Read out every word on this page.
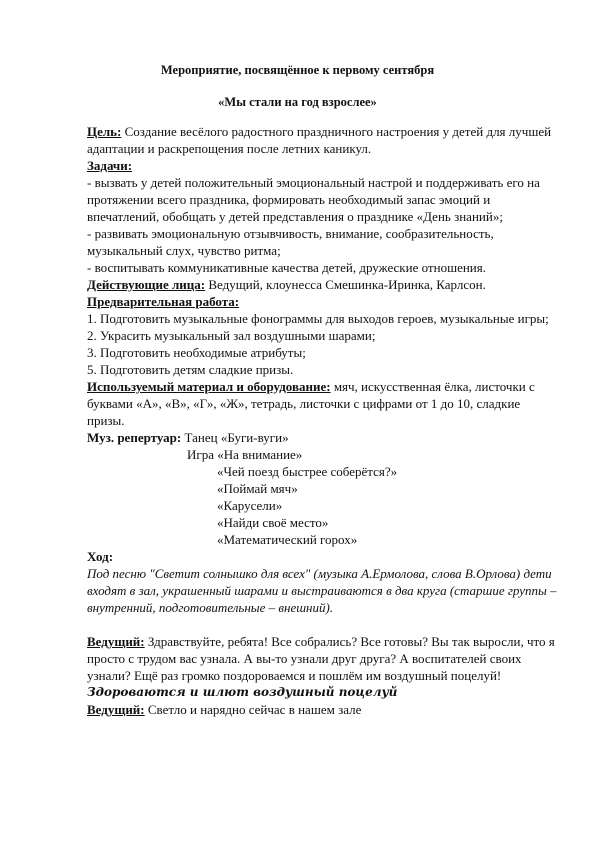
Мероприятие, посвящённое к первому сентября
«Мы стали на год взрослее»

Цель: Создание весёлого радостного праздничного настроения у детей для лучшей адаптации и раскрепощения после летних каникул.

Задачи:

- вызвать у детей положительный эмоциональный настрой и поддерживать его на протяжении всего праздника, формировать необходимый запас эмоций и впечатлений, обобщать у детей представления о празднике «День знаний»;

- развивать эмоциональную отзывчивость, внимание, сообразительность, музыкальный слух, чувство ритма;

- воспитывать коммуникативные качества детей, дружеские отношения.

Действующие лица: Ведущий, клоунесса Смешинка-Иринка, Карлсон.

Предварительная работа:

1. Подготовить музыкальные фонограммы для выходов героев, музыкальные игры;

2. Украсить музыкальный зал воздушными шарами;

3. Подготовить необходимые атрибуты;

5. Подготовить детям сладкие призы.

Используемый материал и оборудование: мяч, искусственная ёлка, листочки с буквами «А», «В», «Г», «Ж», тетрадь, листочки с цифрами от 1 до 10, сладкие призы.

Муз. репертуар: Танец «Буги-вуги»

Игра «На внимание»

«Чей поезд быстрее соберётся?»

«Поймай мяч»

«Карусели»

«Найди своё место»

«Математический горох»

Ход:

Под песню "Светит солнышко для всех" (музыка А.Ермолова, слова В.Орлова) дети входят в зал, украшенный шарами и выстраиваются в два круга (старшие группы – внутренний, подготовительные – внешний).

Ведущий: Здравствуйте, ребята! Все собрались? Все готовы? Вы так выросли, что я просто с трудом вас узнала. А вы-то узнали друг друга? А воспитателей своих узнали? Ещё раз громко поздороваемся и пошлём им воздушный поцелуй!

Здороваются и шлют воздушный поцелуй

Ведущий: Светло и нарядно сейчас в нашем зале
